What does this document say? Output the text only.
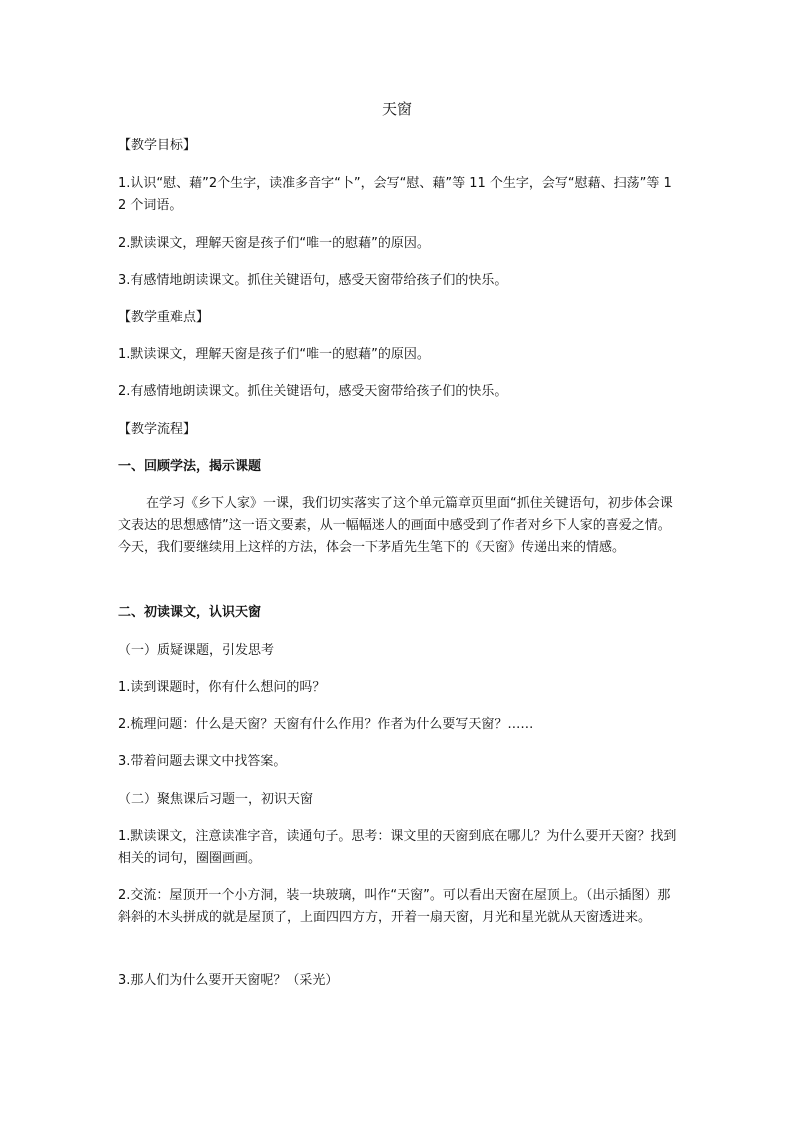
天窗
【教学目标】
1.认识“慰、藉”2个生字，读准多音字“卜”，会写“慰、藉”等 11 个生字，会写“慰藉、扫荡”等 12 个词语。
2.默读课文，理解天窗是孩子们“唯一的慰藉”的原因。
3.有感情地朗读课文。抓住关键语句，感受天窗带给孩子们的快乐。
【教学重难点】
1.默读课文，理解天窗是孩子们“唯一的慰藉”的原因。
2.有感情地朗读课文。抓住关键语句，感受天窗带给孩子们的快乐。
【教学流程】
一、回顾学法，揭示课题
在学习《乡下人家》一课，我们切实落实了这个单元篇章页里面“抓住关键语句，初步体会课文表达的思想感情”这一语文要素，从一幅幅迷人的画面中感受到了作者对乡下人家的喜爱之情。今天，我们要继续用上这样的方法，体会一下茅盾先生笔下的《天窗》传递出来的情感。
二、初读课文，认识天窗
（一）质疑课题，引发思考
1.读到课题时，你有什么想问的吗？
2.梳理问题：什么是天窗？天窗有什么作用？作者为什么要写天窗？……
3.带着问题去课文中找答案。
（二）聚焦课后习题一，初识天窗
1.默读课文，注意读准字音，读通句子。思考：课文里的天窗到底在哪儿？为什么要开天窗？找到相关的词句，圈圈画画。
2.交流：屋顶开一个小方洞，装一块玻璃，叫作“天窗”。可以看出天窗在屋顶上。（出示插图）那斜斜的木头拼成的就是屋顶了，上面四四方方，开着一扇天窗，月光和星光就从天窗透进来。
3.那人们为什么要开天窗呢？（采光）
